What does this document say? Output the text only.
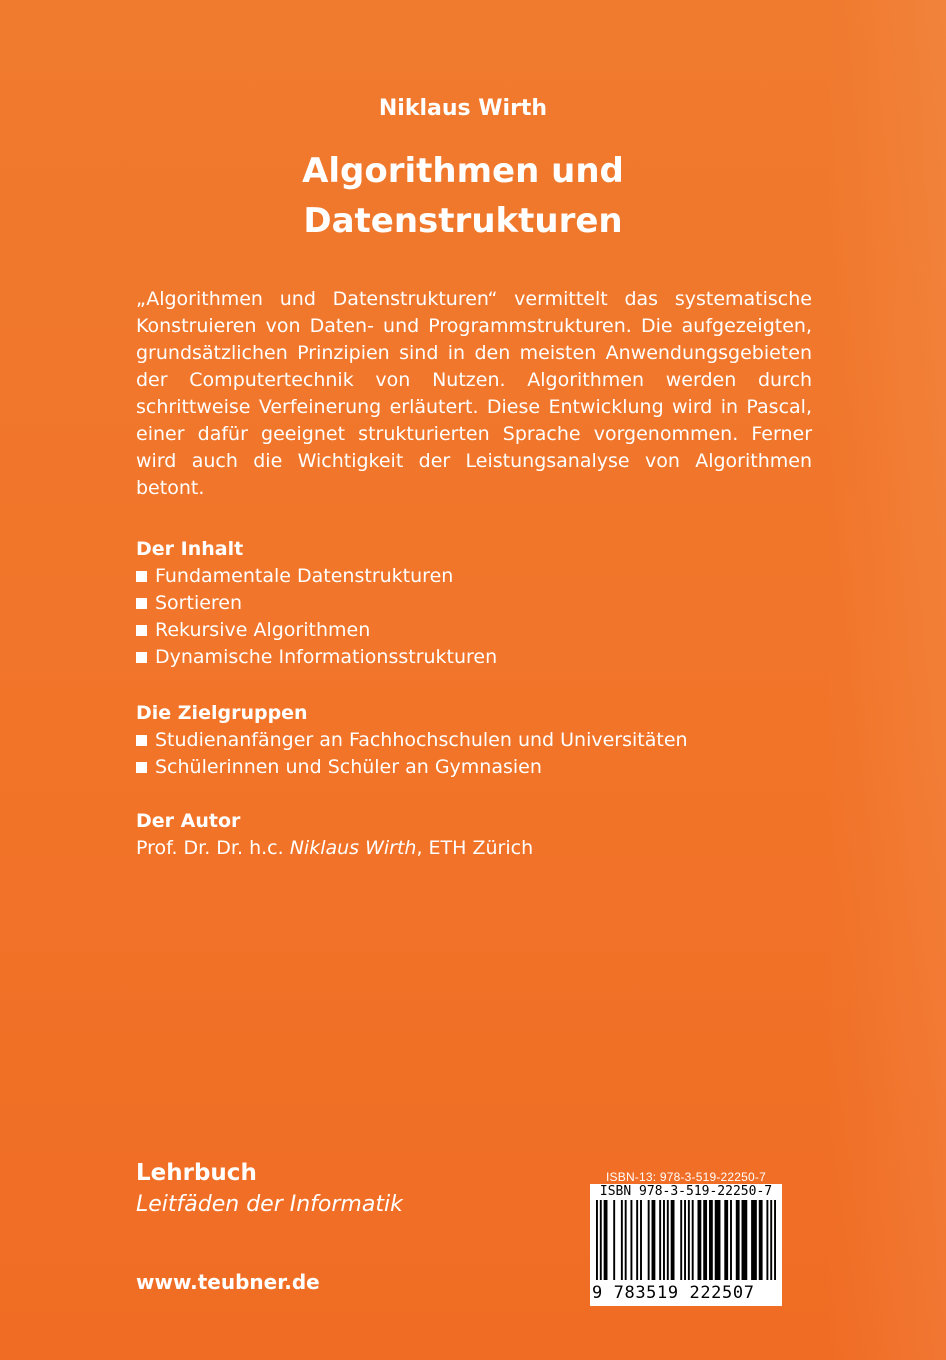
Niklaus Wirth
Algorithmen und
Datenstrukturen
„Algorithmen und Datenstrukturen“ vermittelt das systematische Konstruieren von Daten- und Programmstrukturen. Die aufgezeigten, grundsätzlichen Prinzipien sind in den meisten Anwendungsgebieten der Computertechnik von Nutzen. Algorithmen werden durch schrittweise Verfeinerung erläutert. Diese Entwicklung wird in Pascal, einer dafür geeignet strukturierten Sprache vorgenommen. Ferner wird auch die Wichtigkeit der Leistungsanalyse von Algorithmen betont.
Der Inhalt
Fundamentale Datenstrukturen
Sortieren
Rekursive Algorithmen
Dynamische Informationsstrukturen
Die Zielgruppen
Studienanfänger an Fachhochschulen und Universitäten
Schülerinnen und Schüler an Gymnasien
Der Autor
Prof. Dr. Dr. h.c. Niklaus Wirth, ETH Zürich
Lehrbuch
Leitfäden der Informatik
www.teubner.de
ISBN-13: 978-3-519-22250-7
ISBN 978-3-519-22250-7
9 783519 222507
